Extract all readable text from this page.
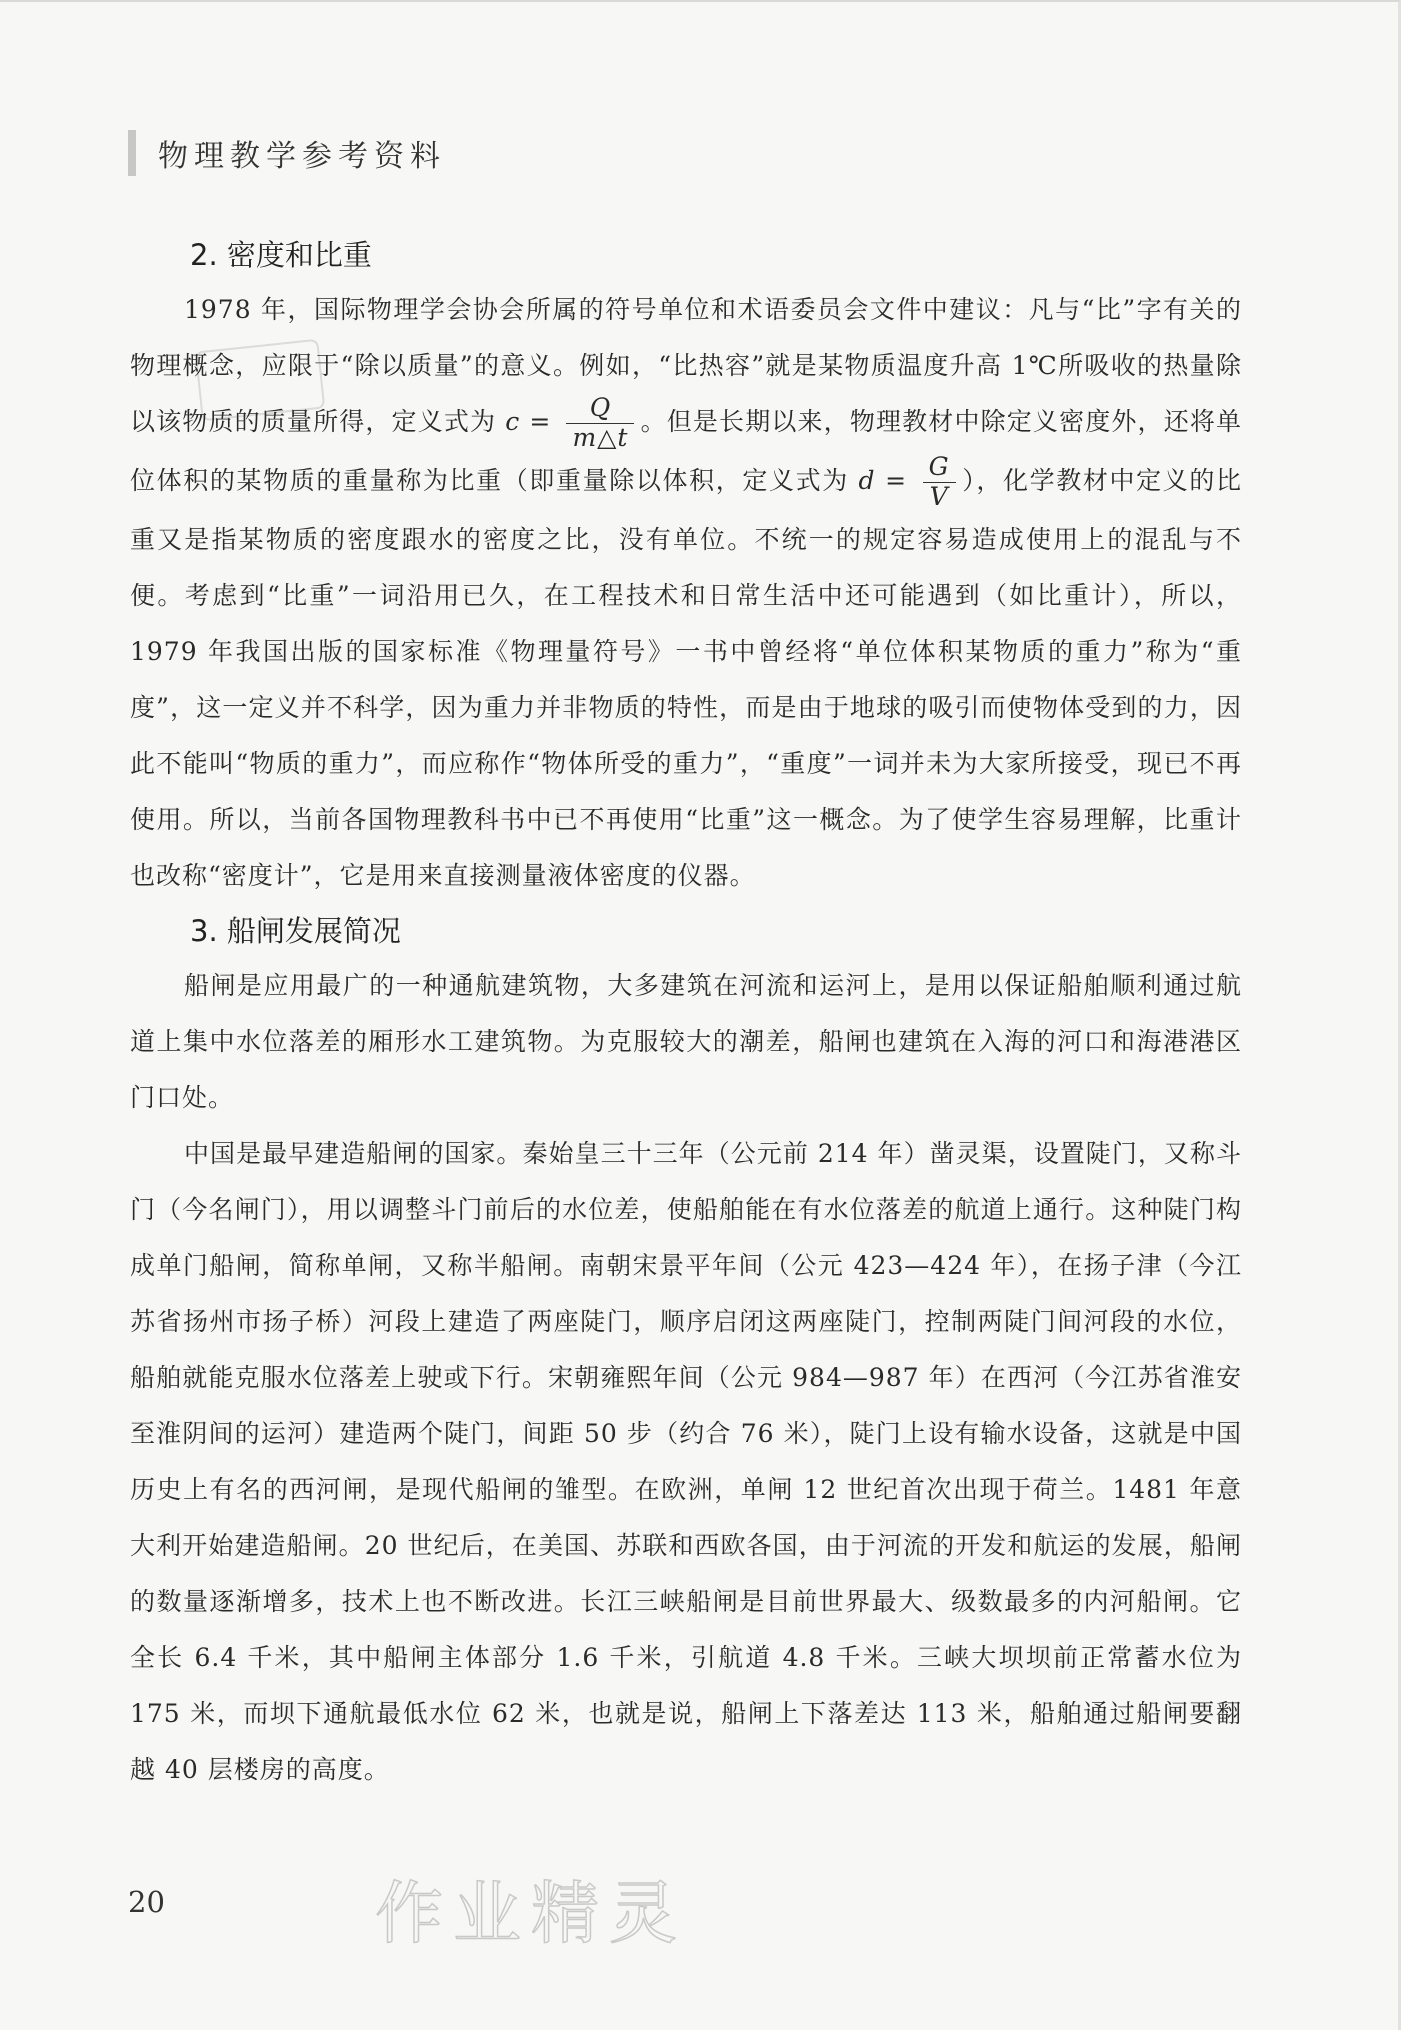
物理教学参考资料
2. 密度和比重

1978 年，国际物理学会协会所属的符号单位和术语委员会文件中建议：凡与“比”字有关的物理概念，应限于“除以质量”的意义。例如，“比热容”就是某物质温度升高 1℃所吸收的热量除以该物质的质量所得，定义式为 $c = \frac{Q}{m\triangle t}$ 。但是长期以来，物理教材中除定义密度外，还将单位体积的某物质的重量称为比重（即重量除以体积，定义式为 $d = \frac{G}{V}$ ），化学教材中定义的比重又是指某物质的密度跟水的密度之比，没有单位。不统一的规定容易造成使用上的混乱与不便。考虑到“比重”一词沿用已久，在工程技术和日常生活中还可能遇到（如比重计），所以，1979 年我国出版的国家标准《物理量符号》一书中曾经将“单位体积某物质的重力”称为“重度”，这一定义并不科学，因为重力并非物质的特性，而是由于地球的吸引而使物体受到的力，因此不能叫“物质的重力”，而应称作“物体所受的重力”，“重度”一词并未为大家所接受，现已不再使用。所以，当前各国物理教科书中已不再使用“比重”这一概念。为了使学生容易理解，比重计也改称“密度计”，它是用来直接测量液体密度的仪器。

3. 船闸发展简况

船闸是应用最广的一种通航建筑物，大多建筑在河流和运河上，是用以保证船舶顺利通过航道上集中水位落差的厢形水工建筑物。为克服较大的潮差，船闸也建筑在入海的河口和海港港区门口处。

中国是最早建造船闸的国家。秦始皇三十三年（公元前 214 年）凿灵渠，设置陡门，又称斗门（今名闸门），用以调整斗门前后的水位差，使船舶能在有水位落差的航道上通行。这种陡门构成单门船闸，简称单闸，又称半船闸。南朝宋景平年间（公元 423—424 年），在扬子津（今江苏省扬州市扬子桥）河段上建造了两座陡门，顺序启闭这两座陡门，控制两陡门间河段的水位，船舶就能克服水位落差上驶或下行。宋朝雍熙年间（公元 984—987 年）在西河（今江苏省淮安至淮阴间的运河）建造两个陡门，间距 50 步（约合 76 米），陡门上设有输水设备，这就是中国历史上有名的西河闸，是现代船闸的雏型。在欧洲，单闸 12 世纪首次出现于荷兰。1481 年意大利开始建造船闸。20 世纪后，在美国、苏联和西欧各国，由于河流的开发和航运的发展，船闸的数量逐渐增多，技术上也不断改进。长江三峡船闸是目前世界最大、级数最多的内河船闸。它全长 6.4 千米，其中船闸主体部分 1.6 千米，引航道 4.8 千米。三峡大坝坝前正常蓄水位为 175 米，而坝下通航最低水位 62 米，也就是说，船闸上下落差达 113 米，船舶通过船闸要翻越 40 层楼房的高度。

20	作业精灵
